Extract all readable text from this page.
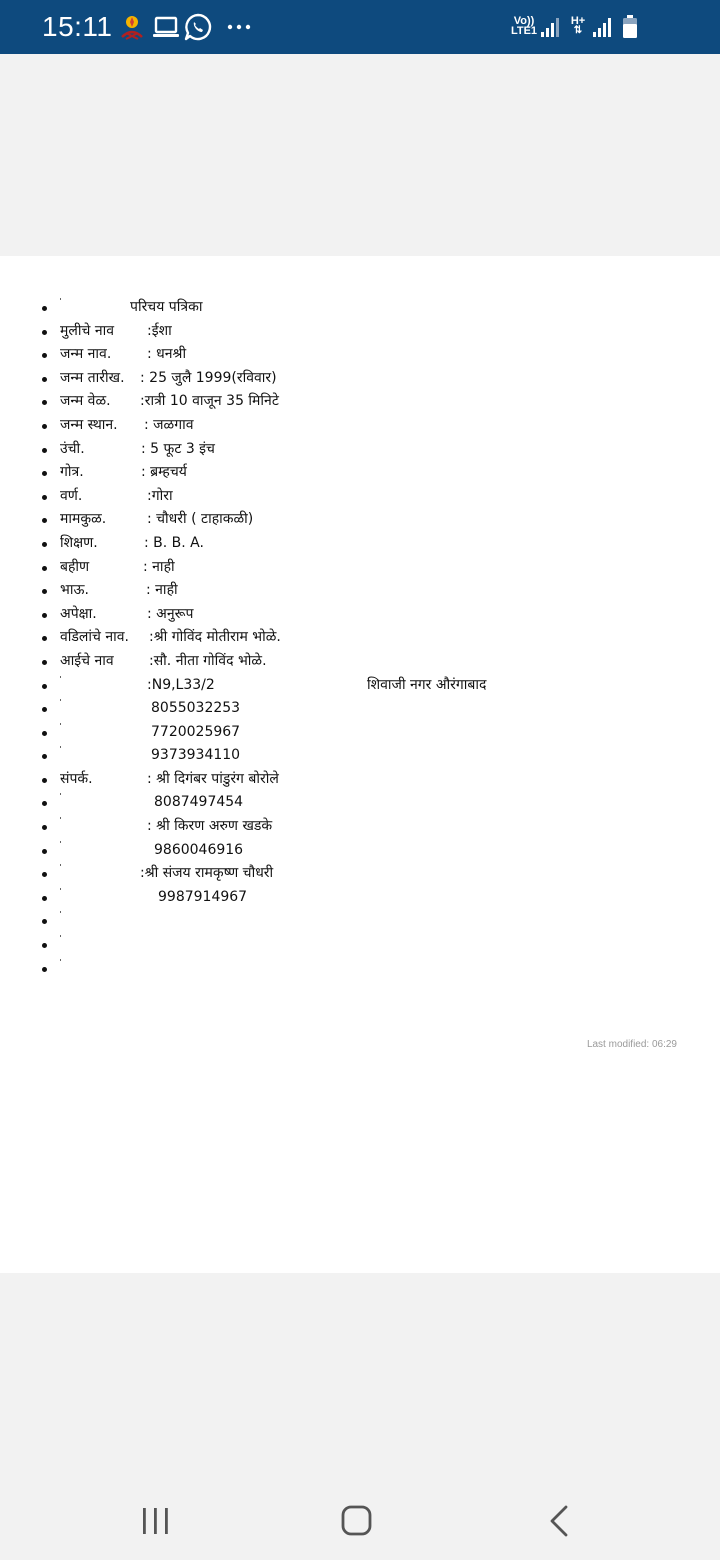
15:11	Vo))
LTE1
H+
⇅
परिचय पत्रिका
मुलीचे नाव :ईशा
जन्म नाव.	: धनश्री
जन्म तारीख. : 25 जुलै 1999(रविवार)
जन्म वेळ. :रात्री 10 वाजून 35 मिनिटे
जन्म स्थान. : जळगाव
उंची.	: 5 फूट 3 इंच
गोत्र.	: ब्रम्हचर्य
वर्ण.	:गोरा
मामकुळ.	: चौधरी ( टाहाकळी)
शिक्षण.	: B. B. A.
बहीण	: नाही
भाऊ.	: नाही
अपेक्षा.	: अनुरूप
वडिलांचे नाव. :श्री गोविंद मोतीराम भोळे.
आईचे नाव	:सौ. नीता गोविंद भोळे.
:N9,L33/2	शिवाजी नगर औरंगाबाद
8055032253
7720025967
9373934110
संपर्क.	: श्री दिगंबर पांडुरंग बोरोले
8087497454
: श्री किरण अरुण खडके
9860046916
:श्री संजय रामकृष्ण चौधरी
9987914967
Last modified: 06:29
